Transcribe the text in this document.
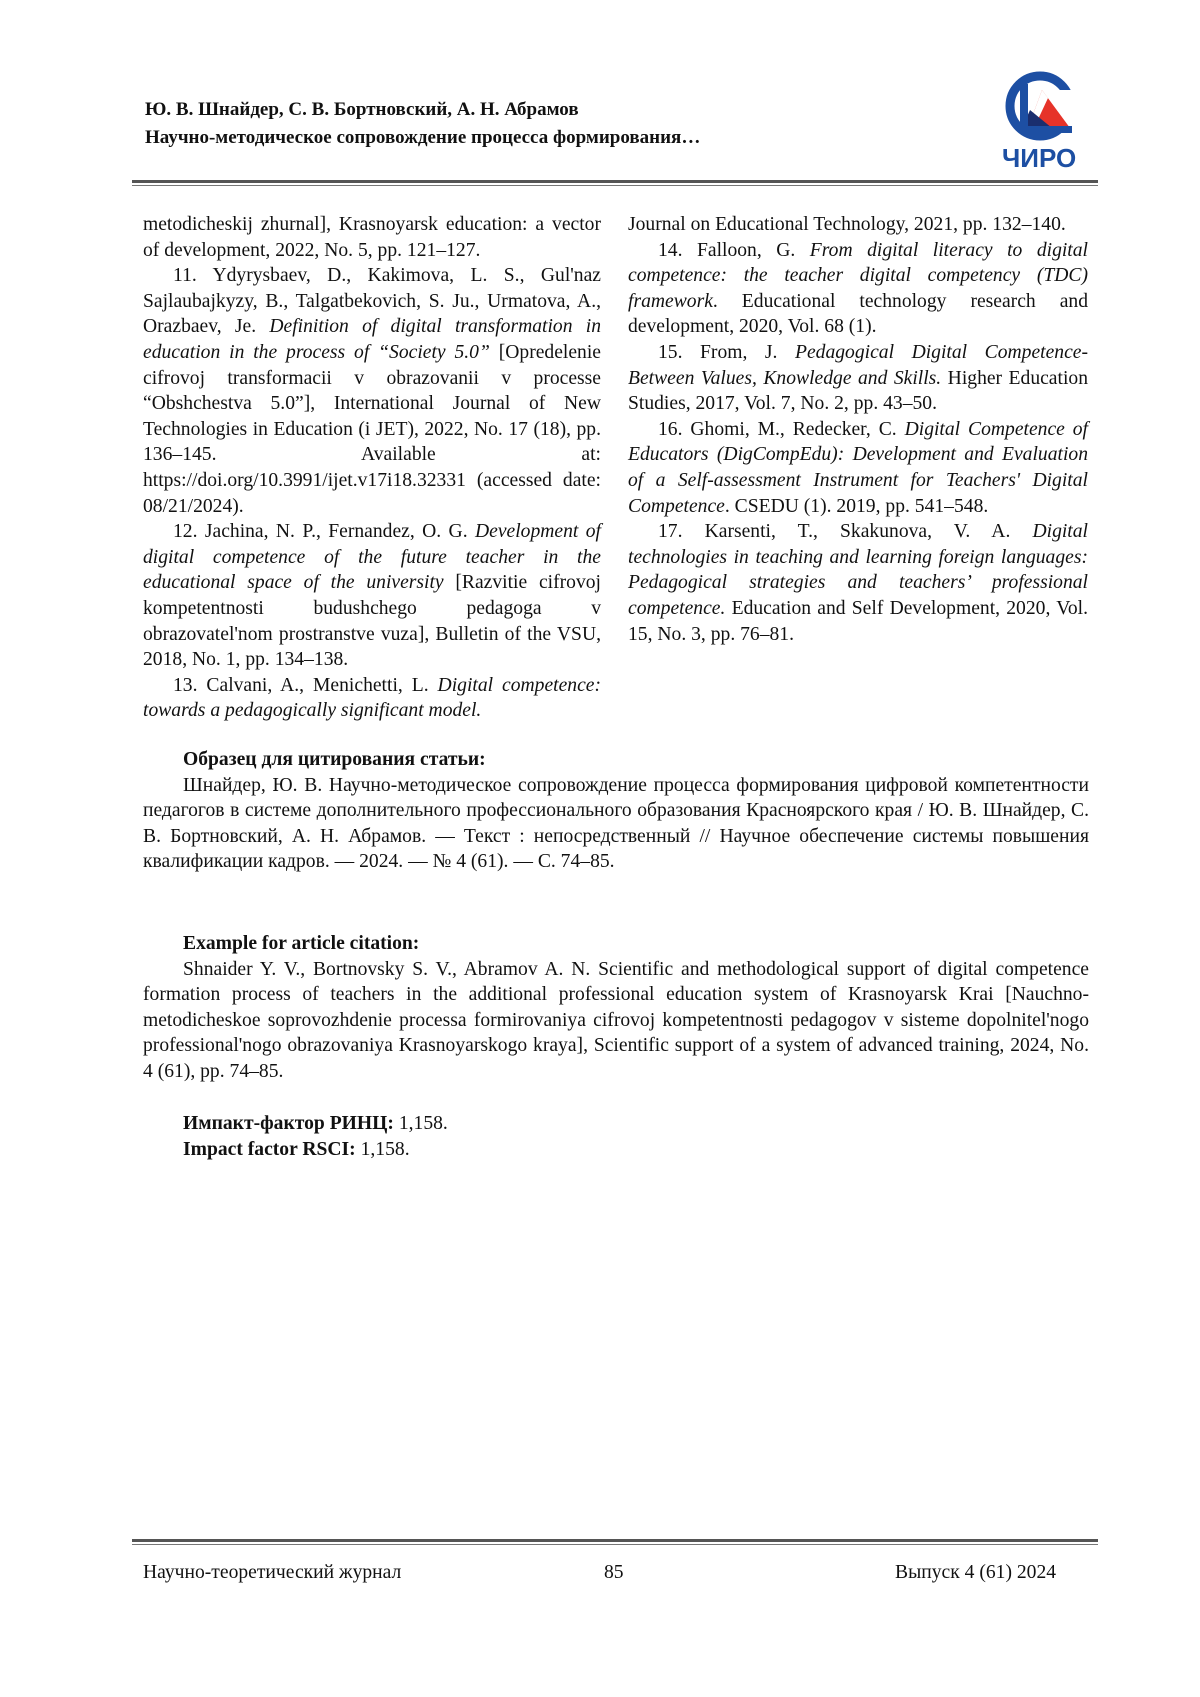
Ю. В. Шнайдер, С. В. Бортновский, А. Н. Абрамов
Научно-методическое сопровождение процесса формирования…
ЧИРО

metodicheskij zhurnal], Krasnoyarsk education: a vector of development, 2022, No. 5, pp. 121–127.

11. Ydyrysbaev, D., Kakimova, L. S., Gul'naz Sajlaubajkyzy, B., Talgatbekovich, S. Ju., Urmatova, A., Orazbaev, Je. Definition of digital transformation in education in the process of “Society 5.0” [Opredelenie cifrovoj transformacii v obrazovanii v processe “Obshchestva 5.0”], International Journal of New Technologies in Education (i JET), 2022, No. 17 (18), pp. 136–145. Available at: https://doi.org/10.3991/ijet.v17i18.32331 (accessed date: 08/21/2024).

12. Jachina, N. P., Fernandez, O. G. Development of digital competence of the future teacher in the educational space of the university [Razvitie cifrovoj kompetentnosti budushchego pedagoga v obrazovatel'nom prostranstve vuza], Bulletin of the VSU, 2018, No. 1, pp. 134–138.

13. Calvani, A., Menichetti, L. Digital competence: towards a pedagogically significant model.

Journal on Educational Technology, 2021, pp. 132–140.

14. Falloon, G. From digital literacy to digital competence: the teacher digital competency (TDC) framework. Educational technology research and development, 2020, Vol. 68 (1).

15. From, J. Pedagogical Digital Competence-Between Values, Knowledge and Skills. Higher Education Studies, 2017, Vol. 7, No. 2, pp. 43–50.

16. Ghomi, M., Redecker, C. Digital Competence of Educators (DigCompEdu): Development and Evaluation of a Self-assessment Instrument for Teachers' Digital Competence. CSEDU (1). 2019, pp. 541–548.

17. Karsenti, T., Skakunova, V. A. Digital technologies in teaching and learning foreign languages: Pedagogical strategies and teachers’ professional competence. Education and Self Development, 2020, Vol. 15, No. 3, pp. 76–81.

Образец для цитирования статьи:

Шнайдер, Ю. В. Научно-методическое сопровождение процесса формирования цифровой компетентности педагогов в системе дополнительного профессионального образования Красноярского края / Ю. В. Шнайдер, С. В. Бортновский, А. Н. Абрамов. — Текст : непосредственный // Научное обеспечение системы повышения квалификации кадров. — 2024. — № 4 (61). — С. 74–85.

Example for article citation:

Shnaider Y. V., Bortnovsky S. V., Abramov A. N. Scientific and methodological support of digital competence formation process of teachers in the additional professional education system of Krasnoyarsk Krai [Nauchno-metodicheskoe soprovozhdenie processa formirovaniya cifrovoj kompetentnosti pedagogov v sisteme dopolnitel'nogo professional'nogo obrazovaniya Krasnoyarskogo kraya], Scientific support of a system of advanced training, 2024, No. 4 (61), pp. 74–85.

Импакт-фактор РИНЦ: 1,158.
Impact factor RSCI: 1,158.
Научно-теоретический журнал	85	Выпуск 4 (61) 2024
